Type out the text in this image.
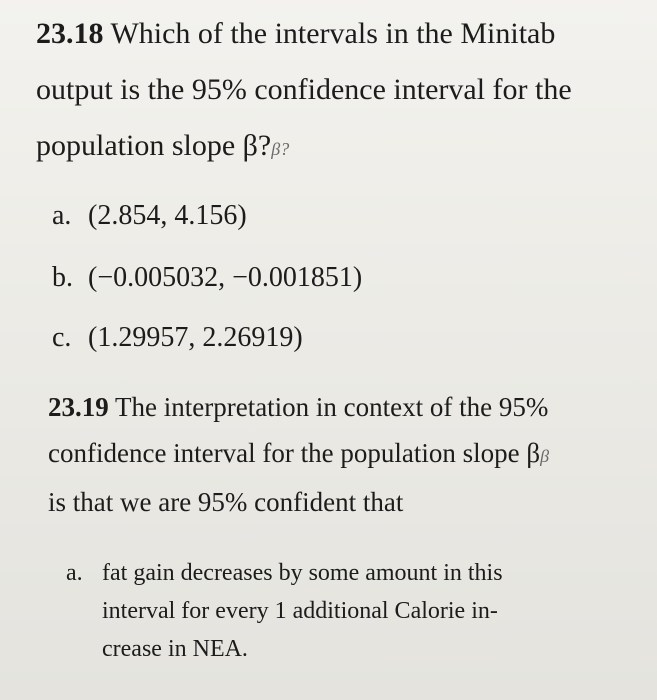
23.18 Which of the intervals in the Minitab

output is the 95% confidence interval for the

population slope β?β?

a. (2.854, 4.156)
b. (−0.005032, −0.001851)
c. (1.29957, 2.26919)
23.19 The interpretation in context of the 95%
confidence interval for the population slope ββ
is that we are 95% confident that
a. fat gain decreases by some amount in this
interval for every 1 additional Calorie in-
crease in NEA.
